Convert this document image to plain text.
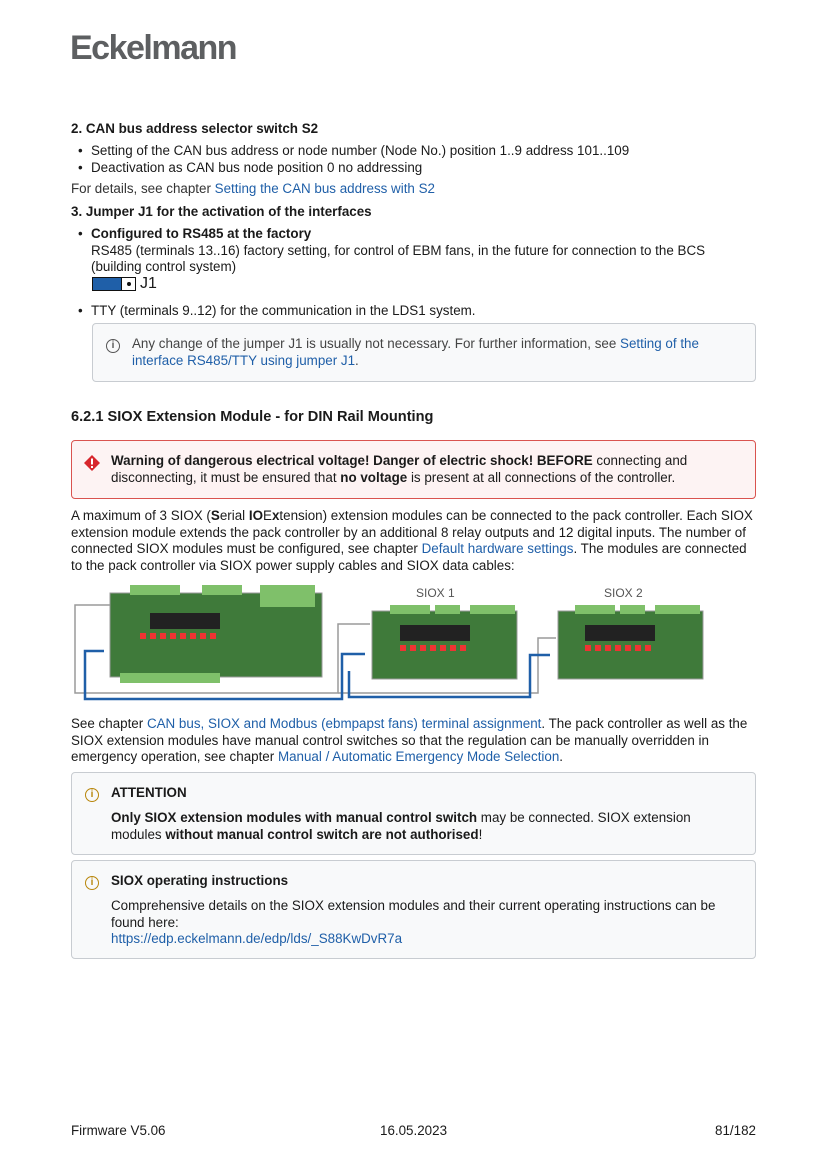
Eckelmann
2. CAN bus address selector switch S2
• Setting of the CAN bus address or node number (Node No.) position 1..9 address 101..109
• Deactivation as CAN bus node position 0 no addressing
For details, see chapter Setting the CAN bus address with S2
3. Jumper J1 for the activation of the interfaces
• Configured to RS485 at the factory
RS485 (terminals 13..16) factory setting, for control of EBM fans, in the future for connection to the BCS (building control system)
J1
• TTY (terminals 9..12) for the communication in the LDS1 system.
i	Any change of the jumper J1 is usually not necessary. For further information, see Setting of the interface RS485/TTY using jumper J1.
6.2.1 SIOX Extension Module - for DIN Rail Mounting
Warning of dangerous electrical voltage! Danger of electric shock! BEFORE connecting and disconnecting, it must be ensured that no voltage is present at all connections of the controller.
A maximum of 3 SIOX (Serial IOExtension) extension modules can be connected to the pack controller. Each SIOX extension module extends the pack controller by an additional 8 relay outputs and 12 digital inputs. The number of connected SIOX modules must be configured, see chapter Default hardware settings. The modules are connected to the pack controller via SIOX power supply cables and SIOX data cables:
SIOX 1	SIOX 2
See chapter CAN bus, SIOX and Modbus (ebmpapst fans) terminal assignment. The pack controller as well as the SIOX extension modules have manual control switches so that the regulation can be manually overridden in emergency operation, see chapter Manual / Automatic Emergency Mode Selection.
i	ATTENTION
Only SIOX extension modules with manual control switch may be connected. SIOX extension modules without manual control switch are not authorised!
i	SIOX operating instructions
Comprehensive details on the SIOX extension modules and their current operating instructions can be found here:
https://edp.eckelmann.de/edp/lds/_S88KwDvR7a
Firmware V5.06	16.05.2023	81/182
